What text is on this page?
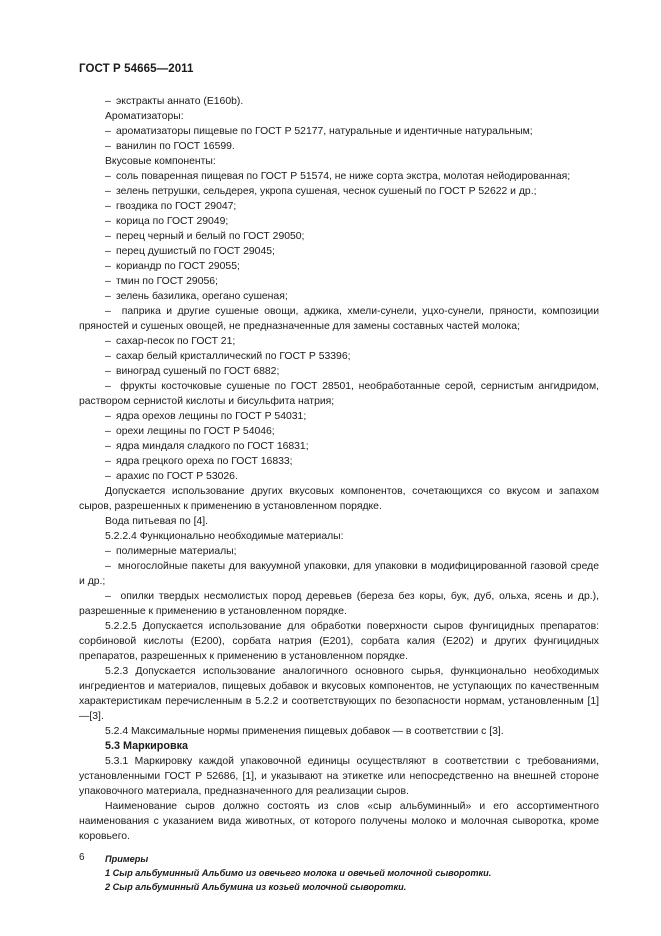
ГОСТ Р 54665—2011
– экстракты аннато (Е160b).

Ароматизаторы:

– ароматизаторы пищевые по ГОСТ Р 52177, натуральные и идентичные натуральным;
– ванилин по ГОСТ 16599.

Вкусовые компоненты:

– соль поваренная пищевая по ГОСТ Р 51574, не ниже сорта экстра, молотая нейодированная;
– зелень петрушки, сельдерея, укропа сушеная, чеснок сушеный по ГОСТ Р 52622 и др.;
– гвоздика по ГОСТ 29047;
– корица по ГОСТ 29049;
– перец черный и белый по ГОСТ 29050;
– перец душистый по ГОСТ 29045;
– кориандр по ГОСТ 29055;
– тмин по ГОСТ 29056;
– зелень базилика, орегано сушеная;

–  паприка и другие сушеные овощи, аджика, хмели-сунели, уцхо-сунели, пряности, композиции пряностей и сушеных овощей, не предназначенные для замены составных частей молока;

– сахар-песок по ГОСТ 21;
– сахар белый кристаллический по ГОСТ Р 53396;
– виноград сушеный по ГОСТ 6882;

–  фрукты косточковые сушеные по ГОСТ 28501, необработанные серой, сернистым ангидридом, раствором сернистой кислоты и бисульфита натрия;

– ядра орехов лещины по ГОСТ Р 54031;
– орехи лещины по ГОСТ Р 54046;
– ядра миндаля сладкого по ГОСТ 16831;
– ядра грецкого ореха по ГОСТ 16833;
– арахис по ГОСТ Р 53026.

Допускается использование других вкусовых компонентов, сочетающихся со вкусом и запахом сыров, разрешенных к применению в установленном порядке.

Вода питьевая по [4].

5.2.2.4 Функционально необходимые материалы:

– полимерные материалы;

–  многослойные пакеты для вакуумной упаковки, для упаковки в модифицированной газовой среде и др.;

–  опилки твердых несмолистых пород деревьев (береза без коры, бук, дуб, ольха, ясень и др.), разрешенные к применению в установленном порядке.

5.2.2.5 Допускается использование для обработки поверхности сыров фунгицидных препаратов: сорбиновой кислоты (Е200), сорбата натрия (Е201), сорбата калия (Е202) и других фунгицидных препаратов, разрешенных к применению в установленном порядке.

5.2.3 Допускается использование аналогичного основного сырья, функционально необходимых ингредиентов и материалов, пищевых добавок и вкусовых компонентов, не уступающих по качественным характеристикам перечисленным в 5.2.2 и соответствующих по безопасности нормам, установленным [1]—[3].

5.2.4 Максимальные нормы применения пищевых добавок — в соответствии с [3].

5.3 Маркировка

5.3.1 Маркировку каждой упаковочной единицы осуществляют в соответствии с требованиями, установленными ГОСТ Р 52686, [1], и указывают на этикетке или непосредственно на внешней стороне упаковочного материала, предназначенного для реализации сыров.

Наименование сыров должно состоять из слов «сыр альбуминный» и его ассортиментного наименования с указанием вида животных, от которого получены молоко и молочная сыворотка, кроме коровьего.

Примеры

1 Сыр альбуминный Альбимо из овечьего молока и овечьей молочной сыворотки.

2 Сыр альбуминный Альбумина из козьей молочной сыворотки.

6
